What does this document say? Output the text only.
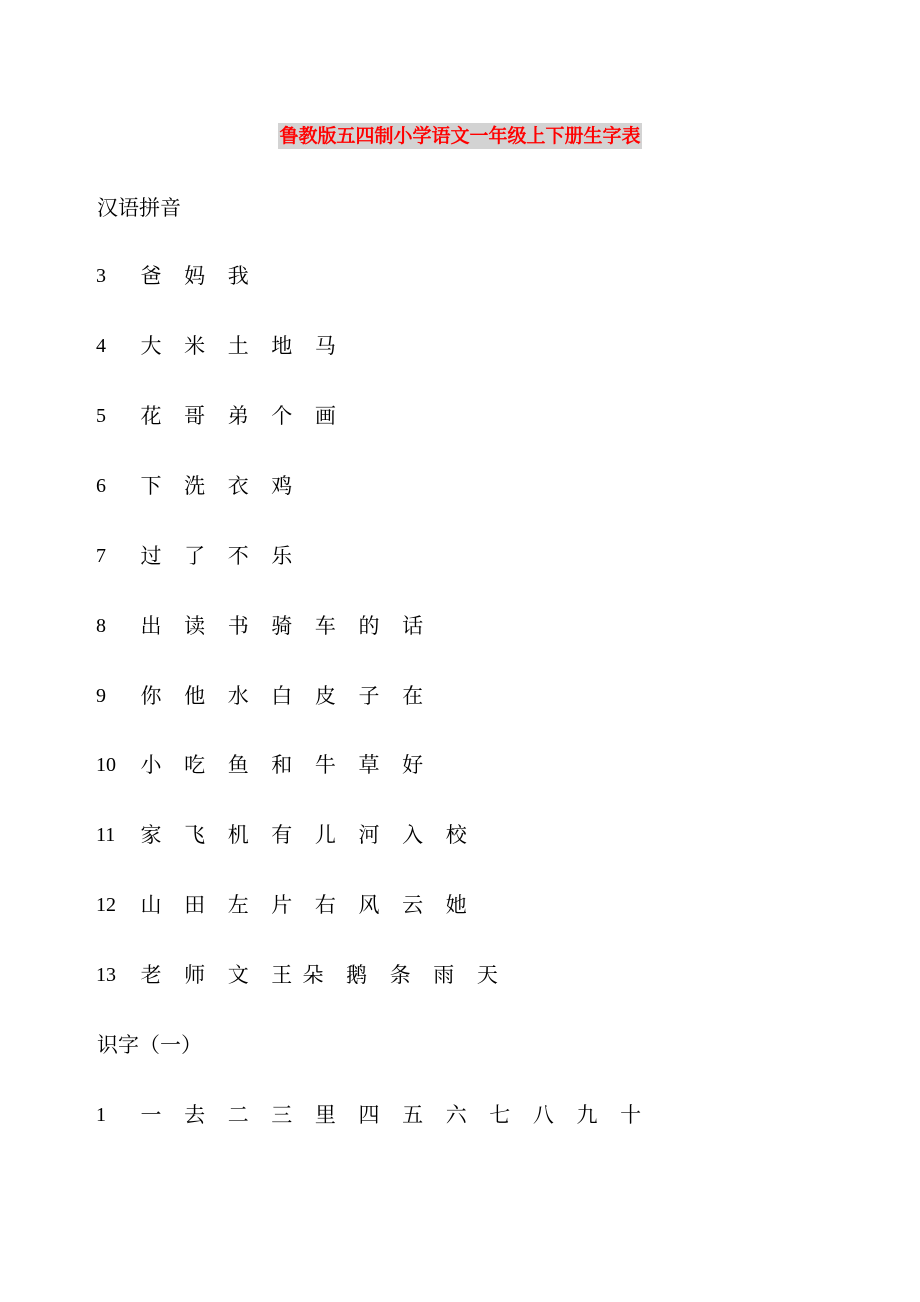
鲁教版五四制小学语文一年级上下册生字表
汉语拼音
3	爸 妈 我
4	大 米 土 地 马
5	花 哥 弟 个 画
6	下 洗 衣 鸡
7	过 了 不 乐
8	出 读 书 骑 车 的 话
9	你 他 水 白 皮 子 在
10	小 吃 鱼 和 牛 草 好
11	家 飞 机 有 儿 河 入 校
12	山 田 左 片 右 风 云 她
13	老 师 文 王 朵 鹅 条 雨 天
识字（一）
1	一 去 二 三 里 四 五 六 七 八 九 十
